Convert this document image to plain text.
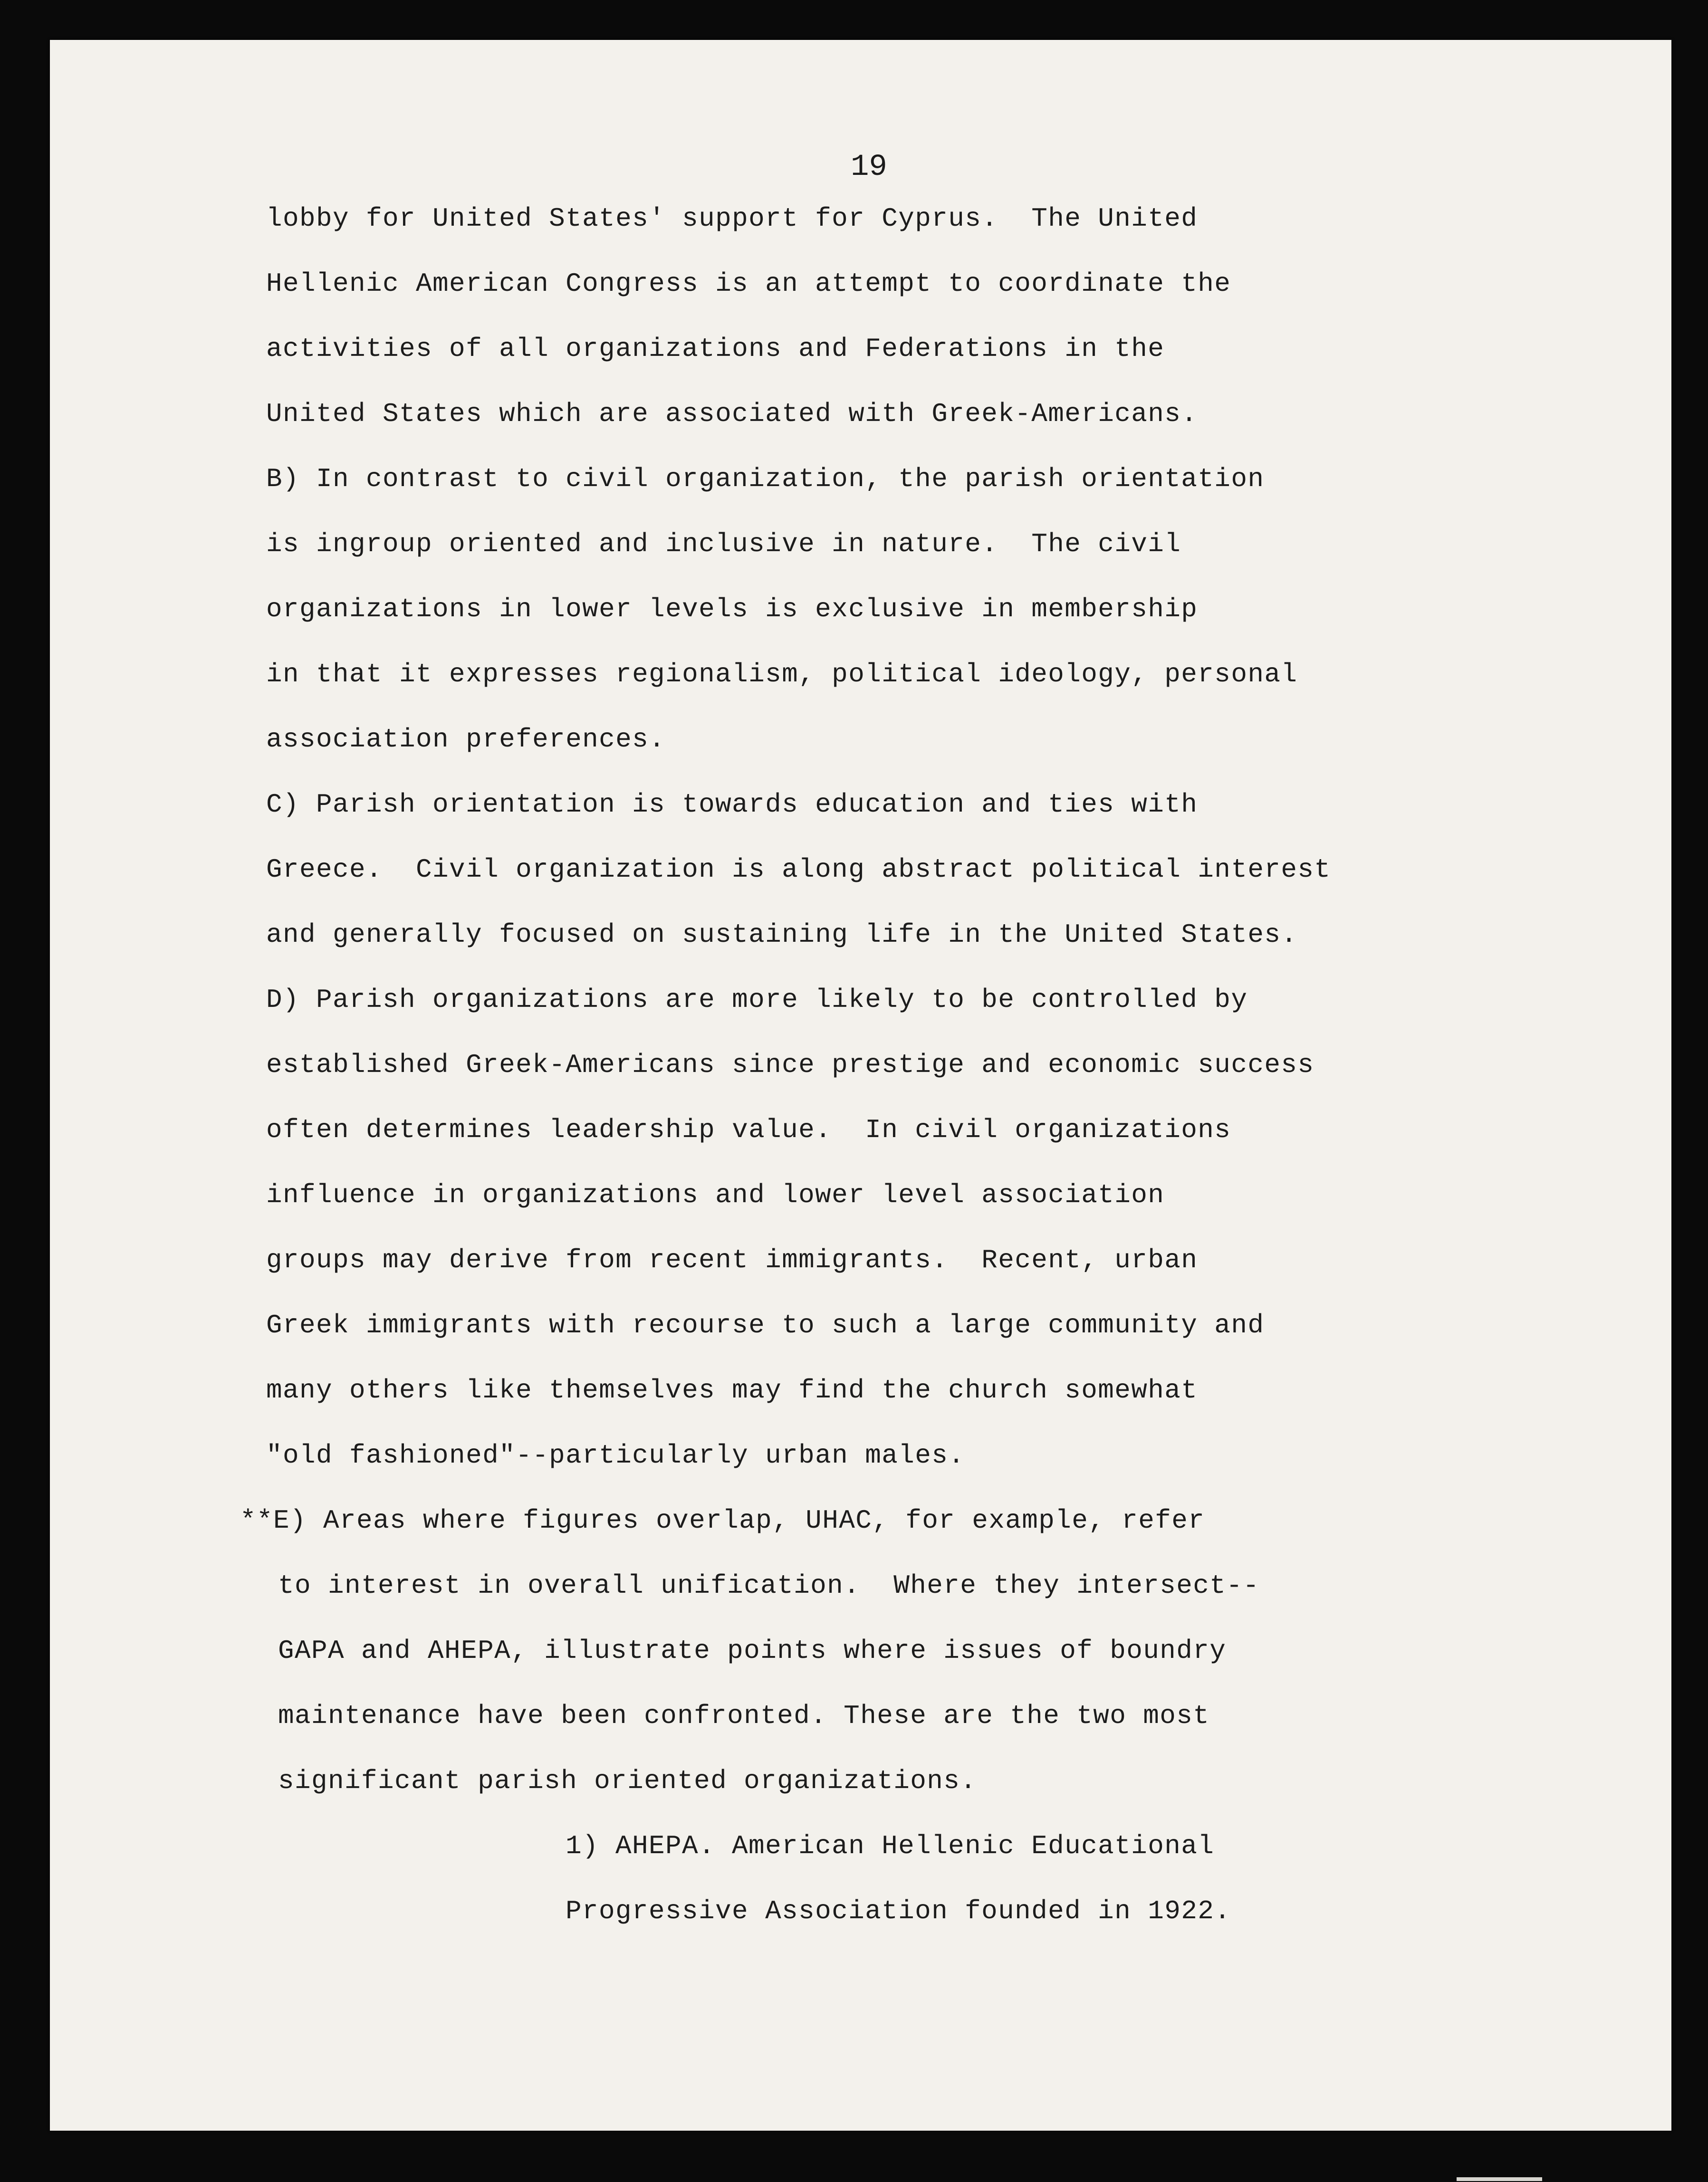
19
lobby for United States' support for Cyprus.  The United
Hellenic American Congress is an attempt to coordinate the
activities of all organizations and Federations in the
United States which are associated with Greek-Americans.
B) In contrast to civil organization, the parish orientation
is ingroup oriented and inclusive in nature.  The civil
organizations in lower levels is exclusive in membership
in that it expresses regionalism, political ideology, personal
association preferences.
C) Parish orientation is towards education and ties with
Greece.  Civil organization is along abstract political interest
and generally focused on sustaining life in the United States.
D) Parish organizations are more likely to be controlled by
established Greek-Americans since prestige and economic success
often determines leadership value.  In civil organizations
influence in organizations and lower level association
groups may derive from recent immigrants.  Recent, urban
Greek immigrants with recourse to such a large community and
many others like themselves may find the church somewhat
"old fashioned"--particularly urban males.
**E) Areas where figures overlap, UHAC, for example, refer
to interest in overall unification.  Where they intersect--
GAPA and AHEPA, illustrate points where issues of boundry
maintenance have been confronted. These are the two most
significant parish oriented organizations.
1) AHEPA. American Hellenic Educational
Progressive Association founded in 1922.
